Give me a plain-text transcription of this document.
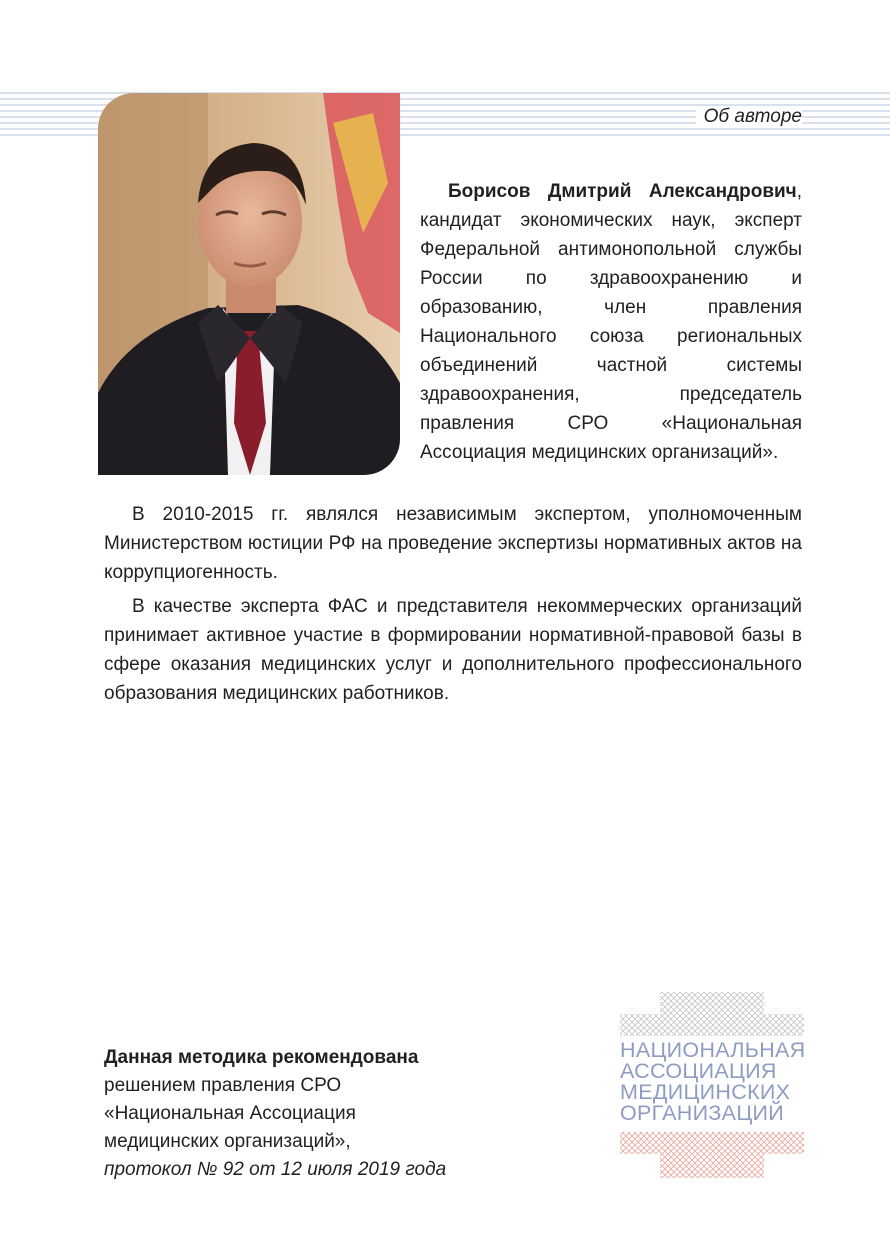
Об авторе
Борисов Дмитрий Александрович, кандидат экономических наук, эксперт Федеральной антимонопольной службы России по здравоохранению и образованию, член правления Национального союза региональных объединений частной системы здравоохранения, председатель правления СРО «Национальная Ассоциация медицинских организаций».

В 2010-2015 гг. являлся независимым экспертом, уполномоченным Министерством юстиции РФ на проведение экспертизы нормативных актов на коррупциогенность.

В качестве эксперта ФАС и представителя некоммерческих организаций принимает активное участие в формировании нормативной-правовой базы в сфере оказания медицинских услуг и дополнительного профессионального образования медицинских работников.

Данная методика рекомендована
решением правления СРО
«Национальная Ассоциация
медицинских организаций»,
протокол № 92 от 12 июля 2019 года
НАЦИОНАЛЬНАЯ
АССОЦИАЦИЯ
МЕДИЦИНСКИХ
ОРГАНИЗАЦИЙ
